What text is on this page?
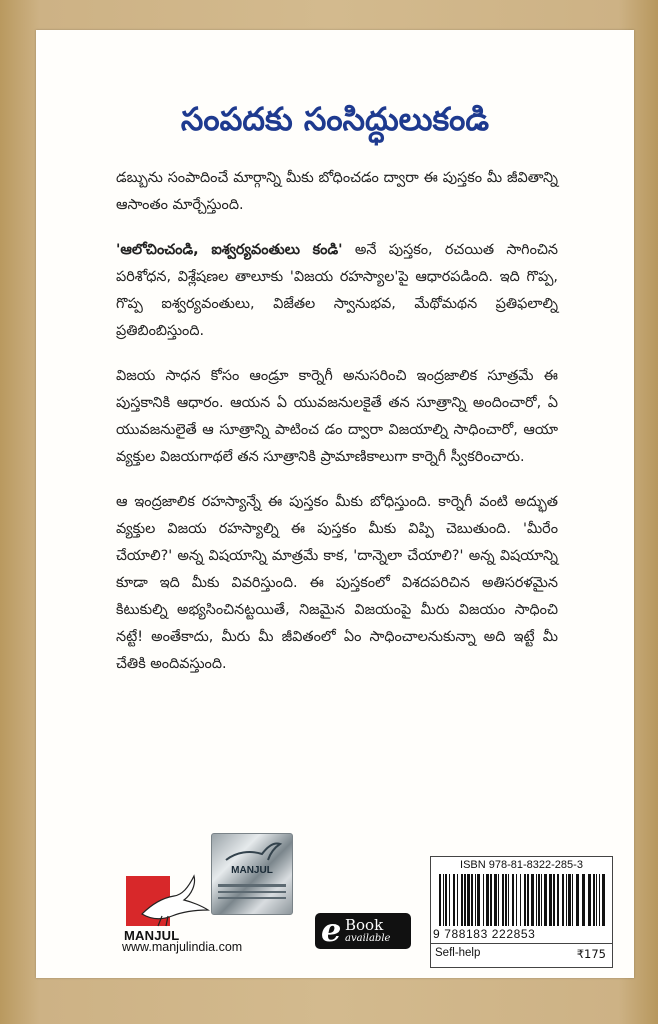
సంపదకు సంసిద్ధులుకండి

డబ్బును సంపాదించే మార్గాన్ని మీకు బోధించడం ద్వారా ఈ పుస్తకం మీ జీవితాన్ని ఆసాంతం మార్చేస్తుంది.

'ఆలోచించండి, ఐశ్వర్యవంతులు కండి' అనే పుస్తకం, రచయిత సాగించిన పరిశోధన, విశ్లేషణల తాలూకు 'విజయ రహస్యాల'పై ఆధారపడింది. ఇది గొప్ప, గొప్ప ఐశ్వర్యవంతులు, విజేతల స్వానుభవ, మేథోమథన ప్రతిఫలాల్ని ప్రతిబింబిస్తుంది.

విజయ సాధన కోసం ఆండ్రూ కార్నెగీ అనుసరించి ఇంద్రజాలిక సూత్రమే ఈ పుస్తకానికి ఆధారం. ఆయన ఏ యువజనులకైతే తన సూత్రాన్ని అందించారో, ఏ యువజనులైతే ఆ సూత్రాన్ని పాటించ డం ద్వారా విజయాల్ని సాధించారో, ఆయా వ్యక్తుల విజయగాథలే తన సూత్రానికి ప్రామాణికాలుగా కార్నెగీ స్వీకరించారు.

ఆ ఇంద్రజాలిక రహస్యాన్నే ఈ పుస్తకం మీకు బోధిస్తుంది. కార్నెగీ వంటి అద్భుత వ్యక్తుల విజయ రహస్యాల్ని ఈ పుస్తకం మీకు విప్పి చెబుతుంది. 'మీరేం చేయాలి?' అన్న విషయాన్ని మాత్రమే కాక, 'దాన్నెలా చేయాలి?' అన్న విషయాన్ని కూడా ఇది మీకు వివరిస్తుంది. ఈ పుస్తకంలో విశదపరిచిన అతిసరళమైన కిటుకుల్ని అభ్యసించినట్టయితే, నిజమైన విజయంపై మీరు విజయం సాధించి నట్టే! అంతేకాదు, మీరు మీ జీవితంలో ఏం సాధించాలనుకున్నా అది ఇట్టే మీ చేతికి అందివస్తుంది.

MANJUL
www.manjulindia.com
MANJUL
e Book
available
ISBN 978-81-8322-285-3
9 788183 222853
Sefl-help	₹175
